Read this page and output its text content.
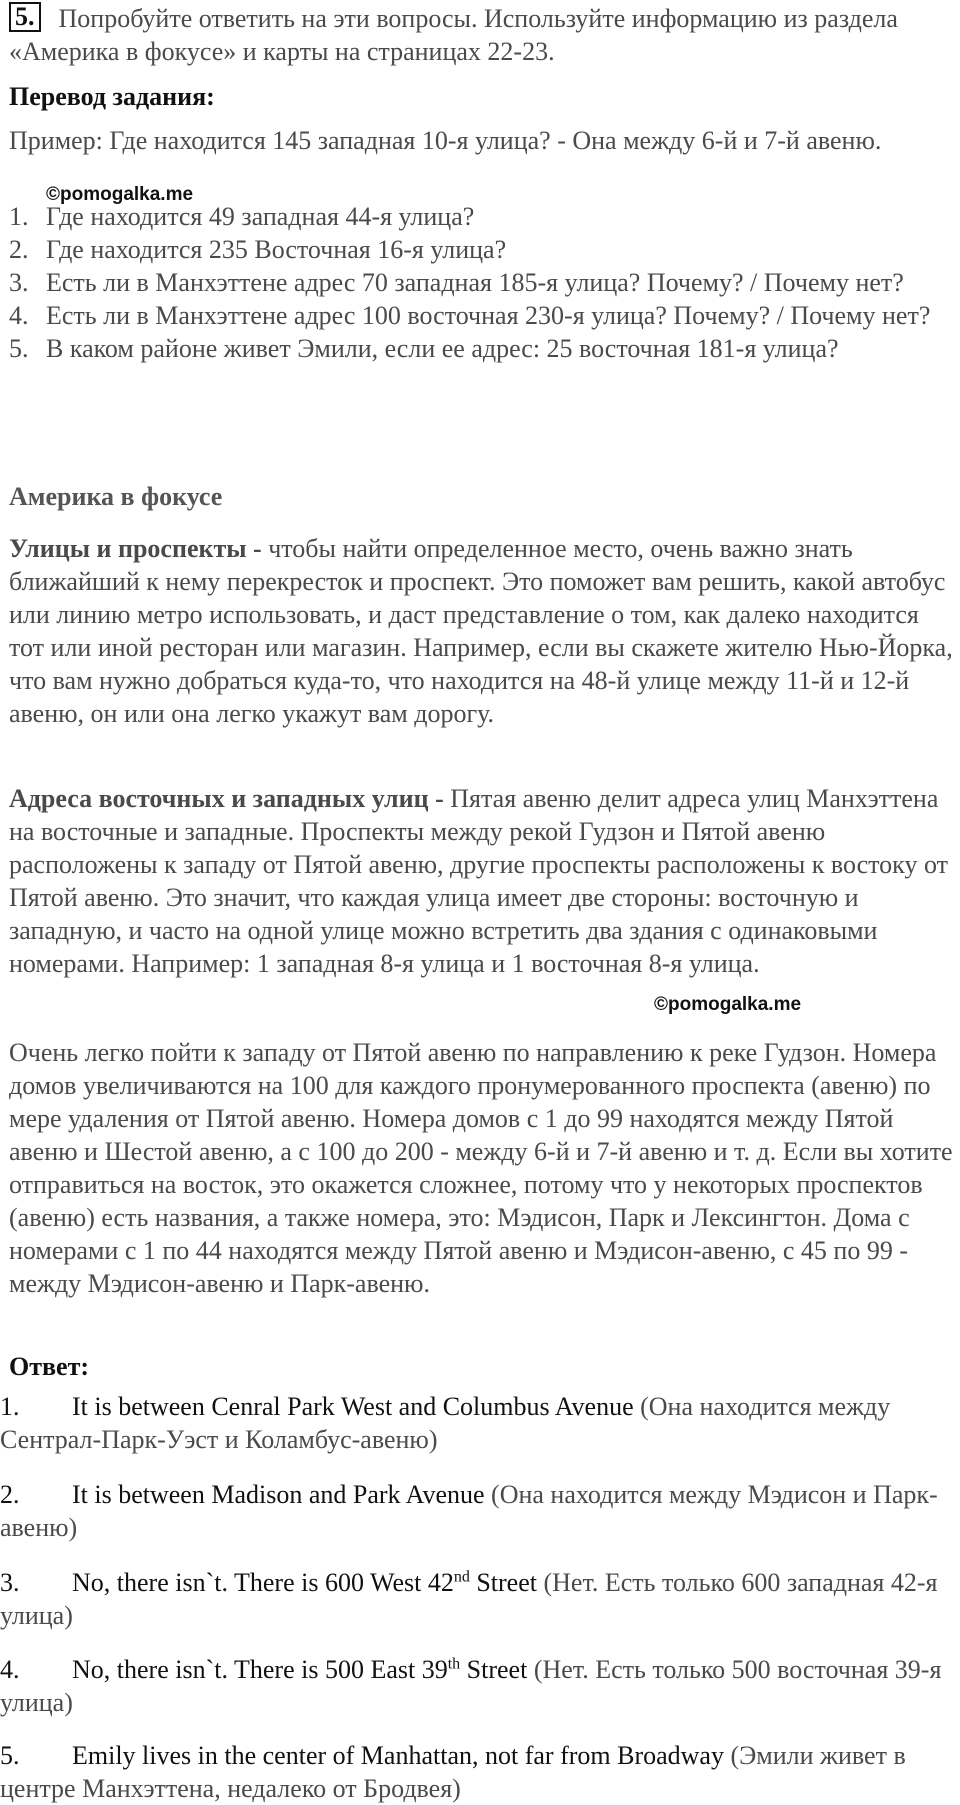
5. Попробуйте ответить на эти вопросы. Используйте информацию из раздела «Америка в фокусе» и карты на страницах 22-23.
Перевод задания:
Пример: Где находится 145 западная 10-я улица? - Она между 6-й и 7-й авеню.
©pomogalka.me
1. Где находится 49 западная 44-я улица?
2. Где находится 235 Восточная 16-я улица?
3. Есть ли в Манхэттене адрес 70 западная 185-я улица? Почему? / Почему нет?
4. Есть ли в Манхэттене адрес 100 восточная 230-я улица? Почему? / Почему нет?
5. В каком районе живет Эмили, если ее адрес: 25 восточная 181-я улица?
Америка в фокусе
Улицы и проспекты - чтобы найти определенное место, очень важно знать ближайший к нему перекресток и проспект. Это поможет вам решить, какой автобус или линию метро использовать, и даст представление о том, как далеко находится тот или иной ресторан или магазин. Например, если вы скажете жителю Нью-Йорка, что вам нужно добраться куда-то, что находится на 48-й улице между 11-й и 12-й авеню, он или она легко укажут вам дорогу.
Адреса восточных и западных улиц - Пятая авеню делит адреса улиц Манхэттена на восточные и западные. Проспекты между рекой Гудзон и Пятой авеню расположены к западу от Пятой авеню, другие проспекты расположены к востоку от Пятой авеню. Это значит, что каждая улица имеет две стороны: восточную и западную, и часто на одной улице можно встретить два здания с одинаковыми номерами. Например: 1 западная 8-я улица и 1 восточная 8-я улица.
©pomogalka.me
Очень легко пойти к западу от Пятой авеню по направлению к реке Гудзон. Номера домов увеличиваются на 100 для каждого пронумерованного проспекта (авеню) по мере удаления от Пятой авеню. Номера домов с 1 до 99 находятся между Пятой авеню и Шестой авеню, а с 100 до 200 - между 6-й и 7-й авеню и т. д. Если вы хотите отправиться на восток, это окажется сложнее, потому что у некоторых проспектов (авеню) есть названия, а также номера, это: Мэдисон, Парк и Лексингтон. Дома с номерами с 1 по 44 находятся между Пятой авеню и Мэдисон-авеню, с 45 по 99 - между Мэдисон-авеню и Парк-авеню.
Ответ:
1. It is between Cenral Park West and Columbus Avenue (Она находится между Сентрал-Парк-Уэст и Коламбус-авеню)
2. It is between Madison and Park Avenue (Она находится между Мэдисон и Парк-авеню)
3. No, there isn`t. There is 600 West 42nd Street (Нет. Есть только 600 западная 42-я улица)
4. No, there isn`t. There is 500 East 39th Street (Нет. Есть только 500 восточная 39-я улица)
5. Emily lives in the center of Manhattan, not far from Broadway (Эмили живет в центре Манхэттена, недалеко от Бродвея)
